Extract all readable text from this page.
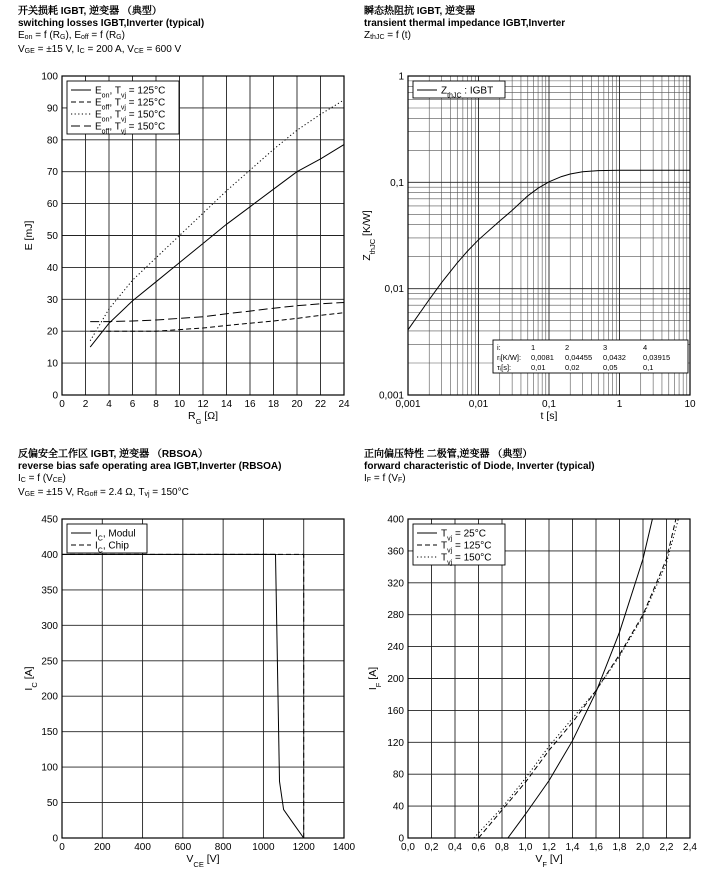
开关损耗 IGBT, 逆变器 （典型）
switching losses IGBT,Inverter (typical)
Eon = f (RG), Eoff = f (RG)
VGE = ±15 V, IC = 200 A, VCE = 600 V
0 2 4 6 8 10 12 14 16 18 20 22 24
0
10
20
30
40
50
60
70
80
90
100
$R_G$ [Ω]
E [mJ]
$E_{on}$, $T_{vj} = 125^\circ C$
$E_{off}$, $T_{vj} = 125^\circ C$
$E_{on}$, $T_{vj} = 150^\circ C$
$E_{off}$, $T_{vj} = 150^\circ C$
瞬态热阻抗 IGBT, 逆变器
transient thermal impedance IGBT,Inverter
ZthJC = f (t)
0,001	0,01	0,1	1	10
0,001
0,01
0,1
1
t [s]
$Z_{thJC}$ [K/W]
$Z_{thJC}$ : IGBT
i:	1	2	3	4
rᵢ[K/W]: 0,0081 0,04455 0,0432 0,03915
τᵢ[s]:	0,01	0,02	0,05	0,1
反偏安全工作区 IGBT, 逆变器 （RBSOA）
reverse bias safe operating area IGBT,Inverter (RBSOA)
IC = f (VCE)
VGE = ±15 V, RGoff = 2.4 Ω, Tvj = 150°C
0	200 400 600 800 1000 1200 1400
0
50
100
150
200
250
300
350
400
450
$V_{CE}$ [V]
$I_C$ [A]
$I_C$, Modul
$I_C$, Chip
正向偏压特性 二极管,逆变器 （典型）
forward characteristic of Diode, Inverter (typical)
IF = f (VF)
0,0 0,2 0,4 0,6 0,8 1,0 1,2 1,4 1,6 1,8 2,0 2,2 2,4
0
40
80
120
160
200
240
280
320
360
400
$V_F$ [V]
$I_F$ [A]
$T_{vj} = 25^\circ C$
$T_{vj} = 125^\circ C$
$T_{vj} = 150^\circ C$
